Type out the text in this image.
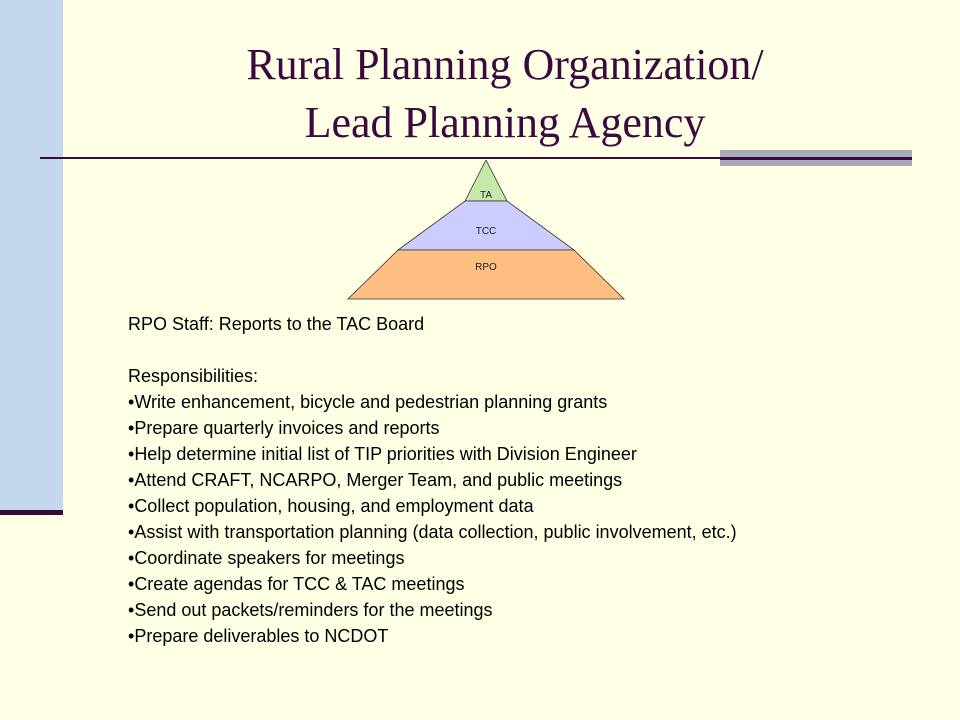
Rural Planning Organization/
Lead Planning Agency
TA
TCC
RPO

RPO Staff: Reports to the TAC Board

Responsibilities:

• Write enhancement, bicycle and pedestrian planning grants
• Prepare quarterly invoices and reports
• Help determine initial list of TIP priorities with Division Engineer
• Attend CRAFT, NCARPO, Merger Team, and public meetings
• Collect population, housing, and employment data
• Assist with transportation planning (data collection, public involvement, etc.)
• Coordinate speakers for meetings
• Create agendas for TCC & TAC meetings
• Send out packets/reminders for the meetings
• Prepare deliverables to NCDOT
